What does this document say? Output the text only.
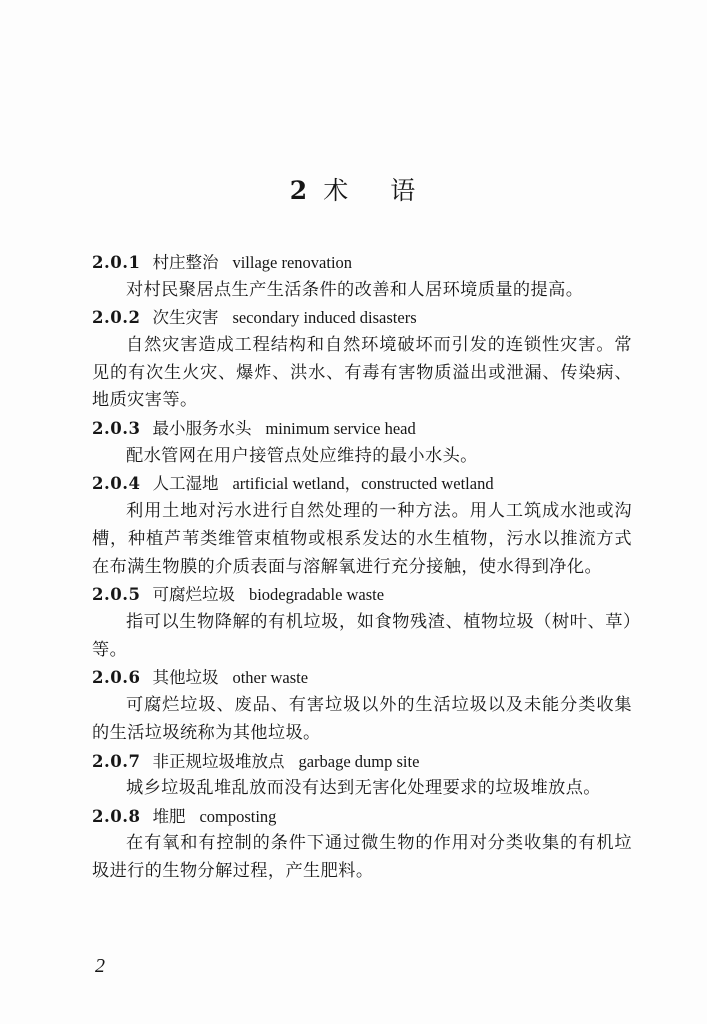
2 术 语
2.0.1 村庄整治 village renovation

对村民聚居点生产生活条件的改善和人居环境质量的提高。

2.0.2 次生灾害 secondary induced disasters

自然灾害造成工程结构和自然环境破坏而引发的连锁性灾害。常见的有次生火灾、爆炸、洪水、有毒有害物质溢出或泄漏、传染病、地质灾害等。

2.0.3 最小服务水头 minimum service head

配水管网在用户接管点处应维持的最小水头。

2.0.4 人工湿地 artificial wetland，constructed wetland

利用土地对污水进行自然处理的一种方法。用人工筑成水池或沟槽，种植芦苇类维管束植物或根系发达的水生植物，污水以推流方式在布满生物膜的介质表面与溶解氧进行充分接触，使水得到净化。

2.0.5 可腐烂垃圾 biodegradable waste

指可以生物降解的有机垃圾，如食物残渣、植物垃圾（树叶、草）等。

2.0.6 其他垃圾 other waste

可腐烂垃圾、废品、有害垃圾以外的生活垃圾以及未能分类收集的生活垃圾统称为其他垃圾。

2.0.7 非正规垃圾堆放点 garbage dump site

城乡垃圾乱堆乱放而没有达到无害化处理要求的垃圾堆放点。

2.0.8 堆肥 composting

在有氧和有控制的条件下通过微生物的作用对分类收集的有机垃圾进行的生物分解过程，产生肥料。

2
